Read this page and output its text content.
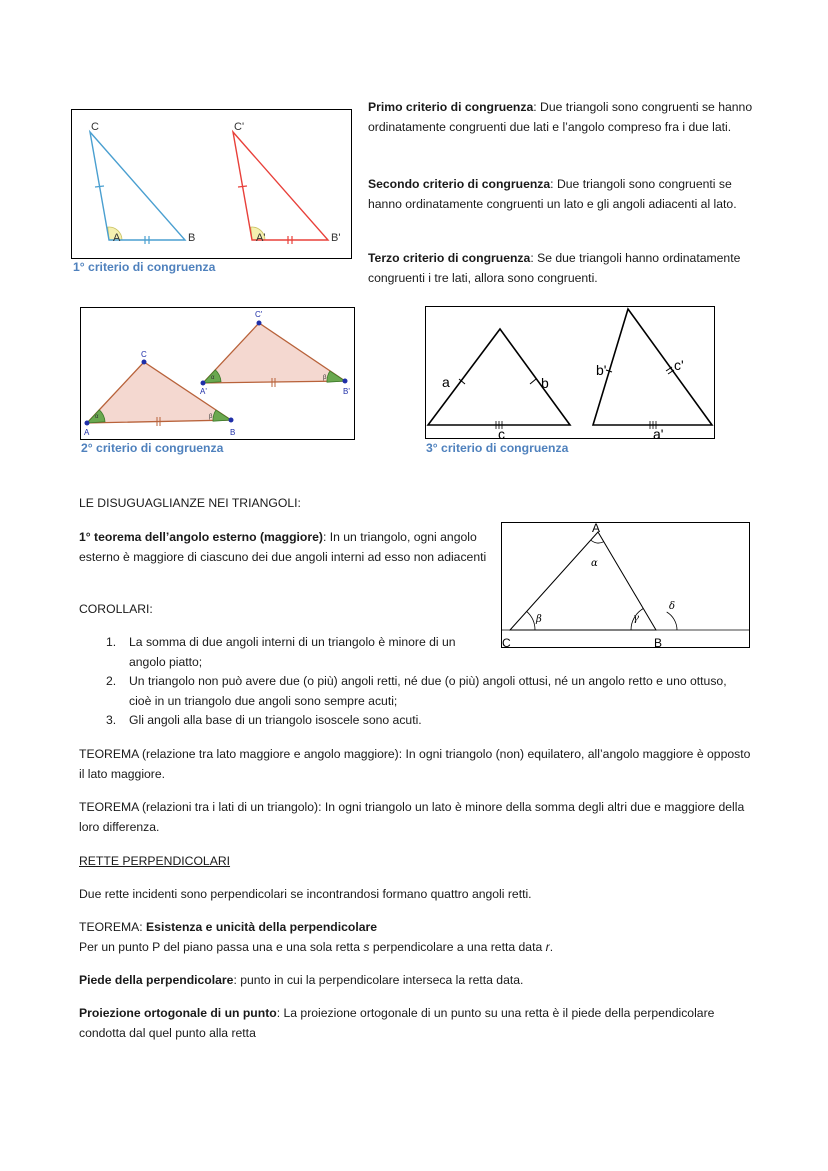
C
A	B
C'
A'	B'
1° criterio di congruenza
Primo criterio di congruenza: Due triangoli sono congruenti se hanno ordinatamente congruenti due lati e l’angolo compreso fra i due lati.
Secondo criterio di congruenza: Due triangoli sono congruenti se hanno ordinatamente congruenti un lato e gli angoli adiacenti al lato.
Terzo criterio di congruenza: Se due triangoli hanno ordinatamente congruenti i tre lati, allora sono congruenti.
α	β
C
A	B
α	β
C'
A'	B'
2° criterio di congruenza
a	b
c
b'	c'
a'
3° criterio di congruenza
LE DISUGUAGLIANZE NEI TRIANGOLI:
1° teorema dell’angolo esterno (maggiore): In un triangolo, ogni angolo esterno è maggiore di ciascuno dei due angoli interni ad esso non adiacenti
A
C	B
α
β	γ
δ
COROLLARI:
1. La somma di due angoli interni di un triangolo è minore di un angolo piatto;
2. Un triangolo non può avere due (o più) angoli retti, né due (o più) angoli ottusi, né un angolo retto e uno ottuso, cioè in un triangolo due angoli sono sempre acuti;
3. Gli angoli alla base di un triangolo isoscele sono acuti.
TEOREMA (relazione tra lato maggiore e angolo maggiore): In ogni triangolo (non) equilatero, all’angolo maggiore è opposto il lato maggiore.
TEOREMA (relazioni tra i lati di un triangolo): In ogni triangolo un lato è minore della somma degli altri due e maggiore della loro differenza.
RETTE PERPENDICOLARI
Due rette incidenti sono perpendicolari se incontrandosi formano quattro angoli retti.
TEOREMA: Esistenza e unicità della perpendicolare
Per un punto P del piano passa una e una sola retta s perpendicolare a una retta data r.
Piede della perpendicolare: punto in cui la perpendicolare interseca la retta data.
Proiezione ortogonale di un punto: La proiezione ortogonale di un punto su una retta è il piede della perpendicolare condotta dal quel punto alla retta
